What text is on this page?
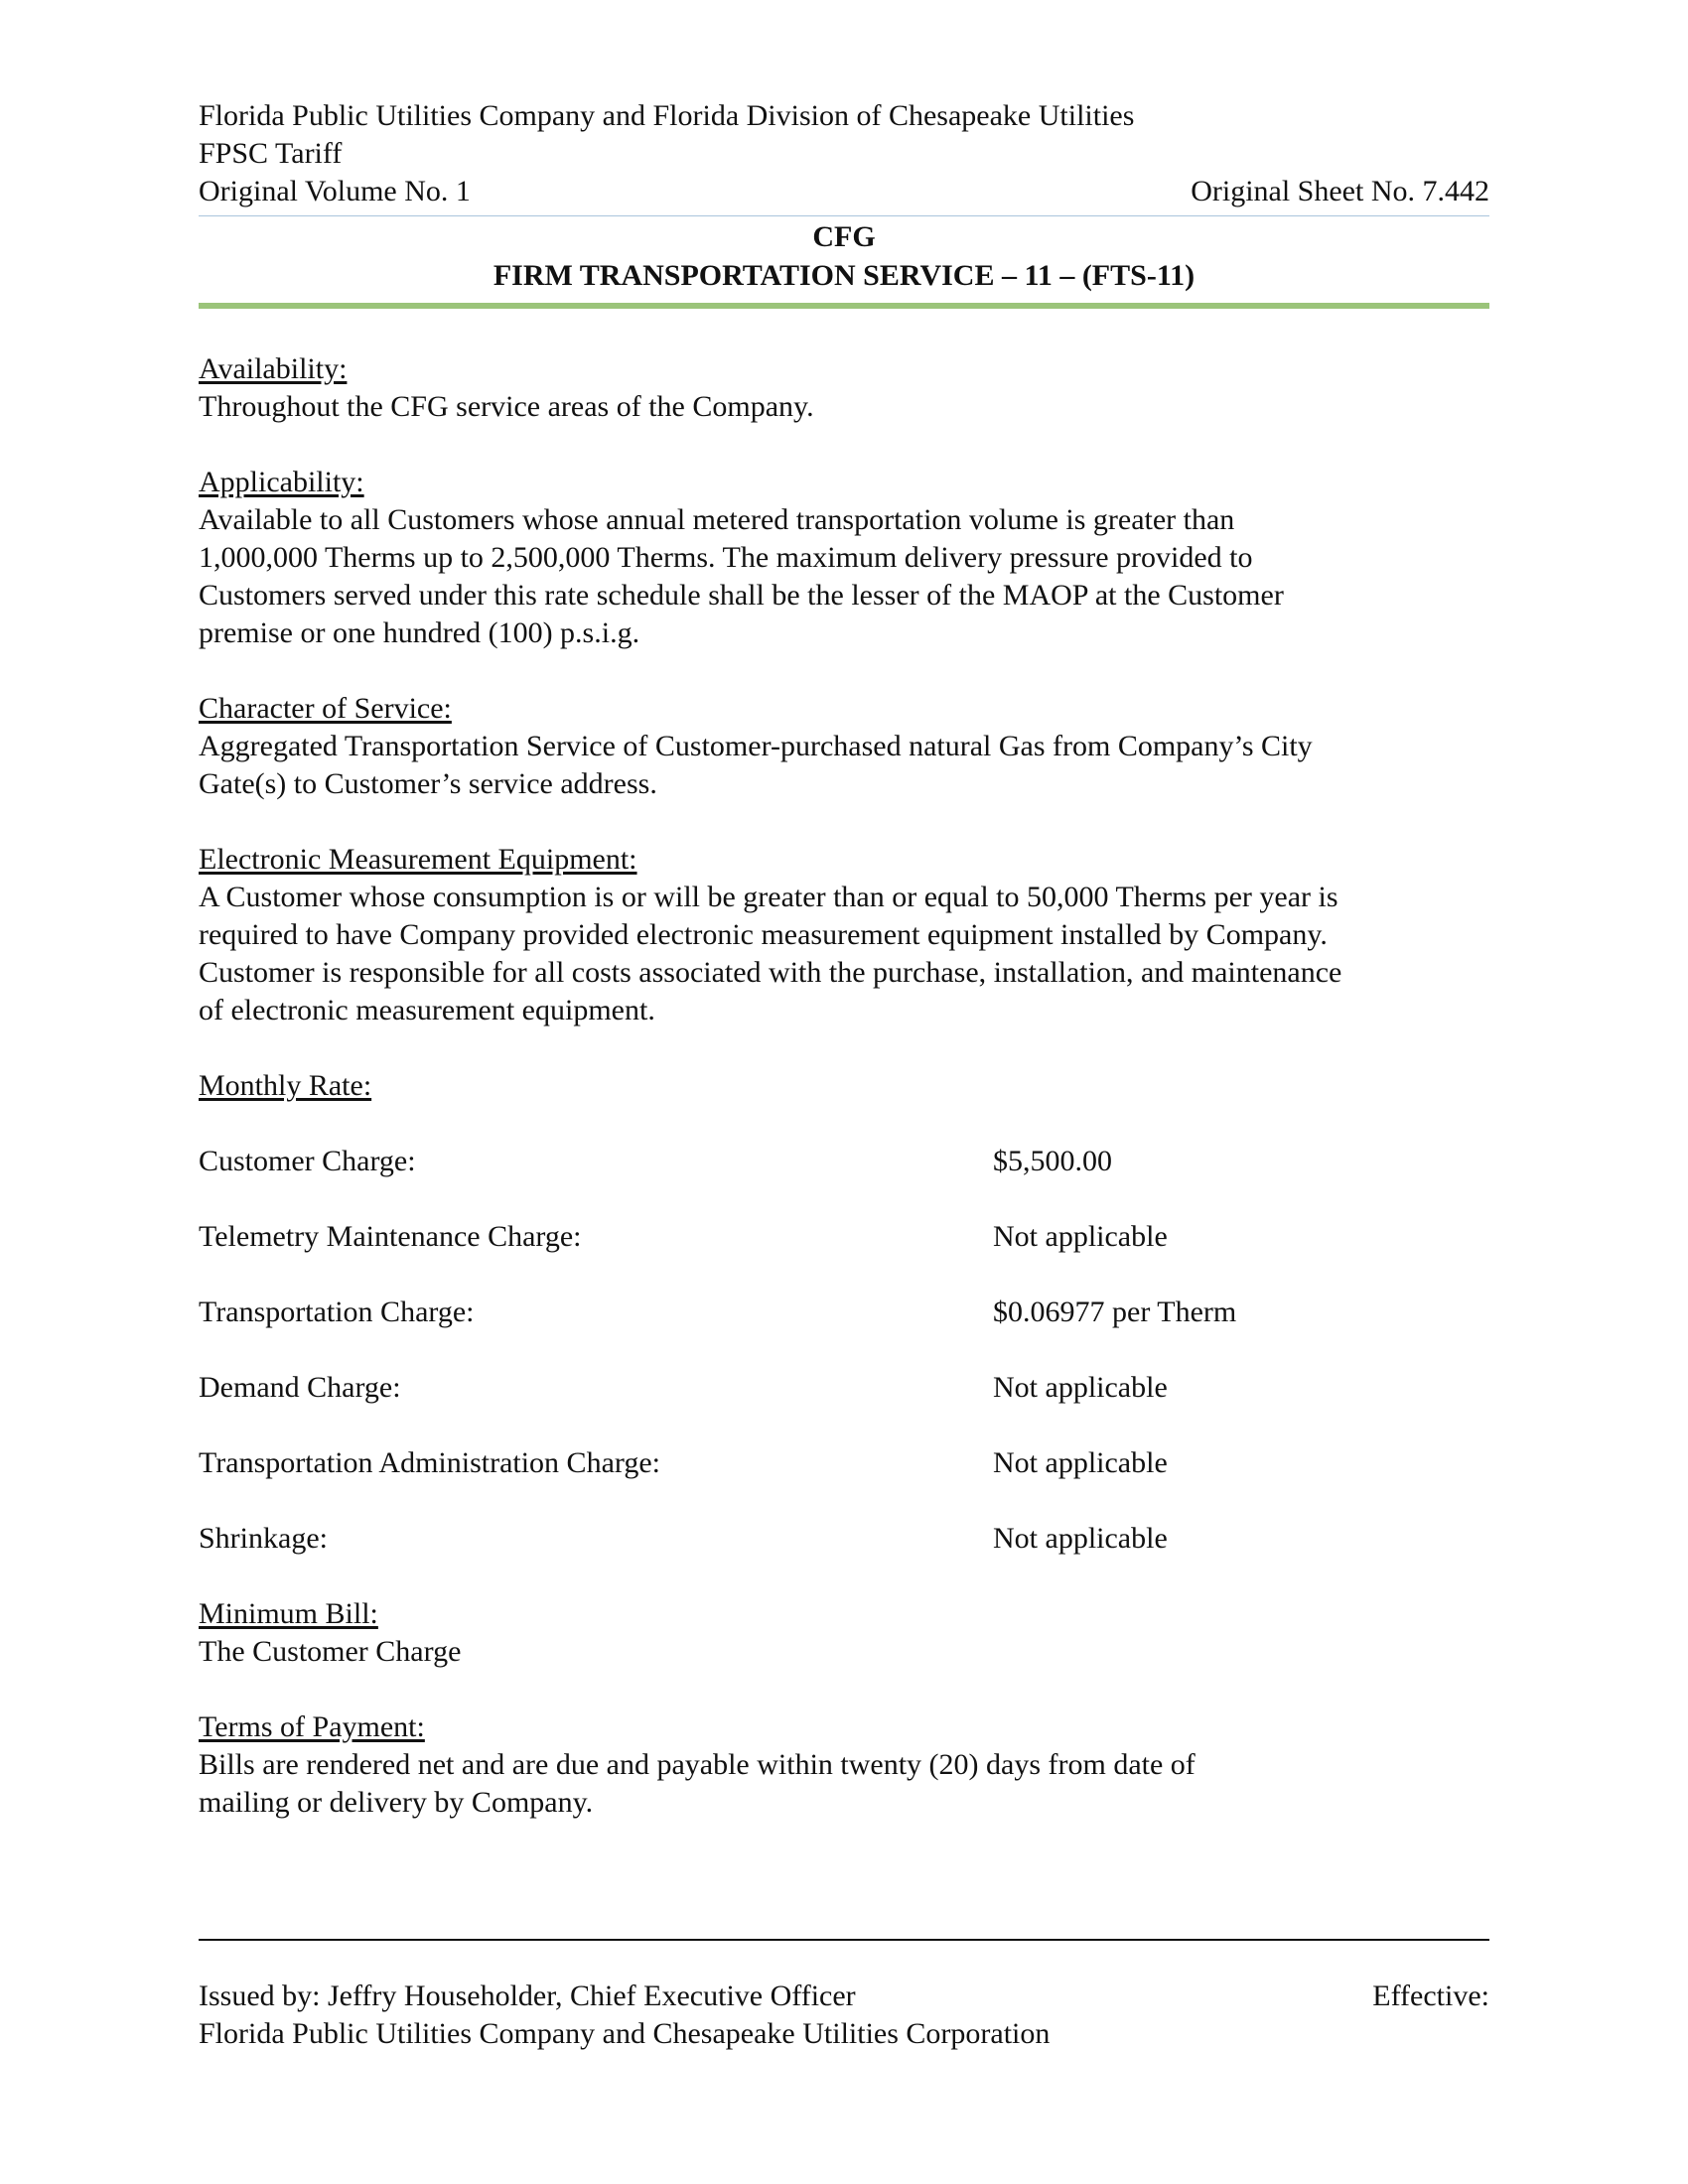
Florida Public Utilities Company and Florida Division of Chesapeake Utilities
FPSC Tariff
Original Volume No. 1	Original Sheet No. 7.442
CFG
FIRM TRANSPORTATION SERVICE – 11 – (FTS-11)
Availability:
Throughout the CFG service areas of the Company.
Applicability:
Available to all Customers whose annual metered transportation volume is greater than
1,000,000 Therms up to 2,500,000 Therms. The maximum delivery pressure provided to
Customers served under this rate schedule shall be the lesser of the MAOP at the Customer
premise or one hundred (100) p.s.i.g.
Character of Service:
Aggregated Transportation Service of Customer-purchased natural Gas from Company’s City
Gate(s) to Customer’s service address.
Electronic Measurement Equipment:
A Customer whose consumption is or will be greater than or equal to 50,000 Therms per year is
required to have Company provided electronic measurement equipment installed by Company.
Customer is responsible for all costs associated with the purchase, installation, and maintenance
of electronic measurement equipment.
Monthly Rate:
Customer Charge:	$5,500.00
Telemetry Maintenance Charge:	Not applicable
Transportation Charge:	$0.06977 per Therm
Demand Charge:	Not applicable
Transportation Administration Charge:	Not applicable
Shrinkage:	Not applicable
Minimum Bill:
The Customer Charge
Terms of Payment:
Bills are rendered net and are due and payable within twenty (20) days from date of
mailing or delivery by Company.
Issued by: Jeffry Householder, Chief Executive Officer	Effective:
Florida Public Utilities Company and Chesapeake Utilities Corporation
